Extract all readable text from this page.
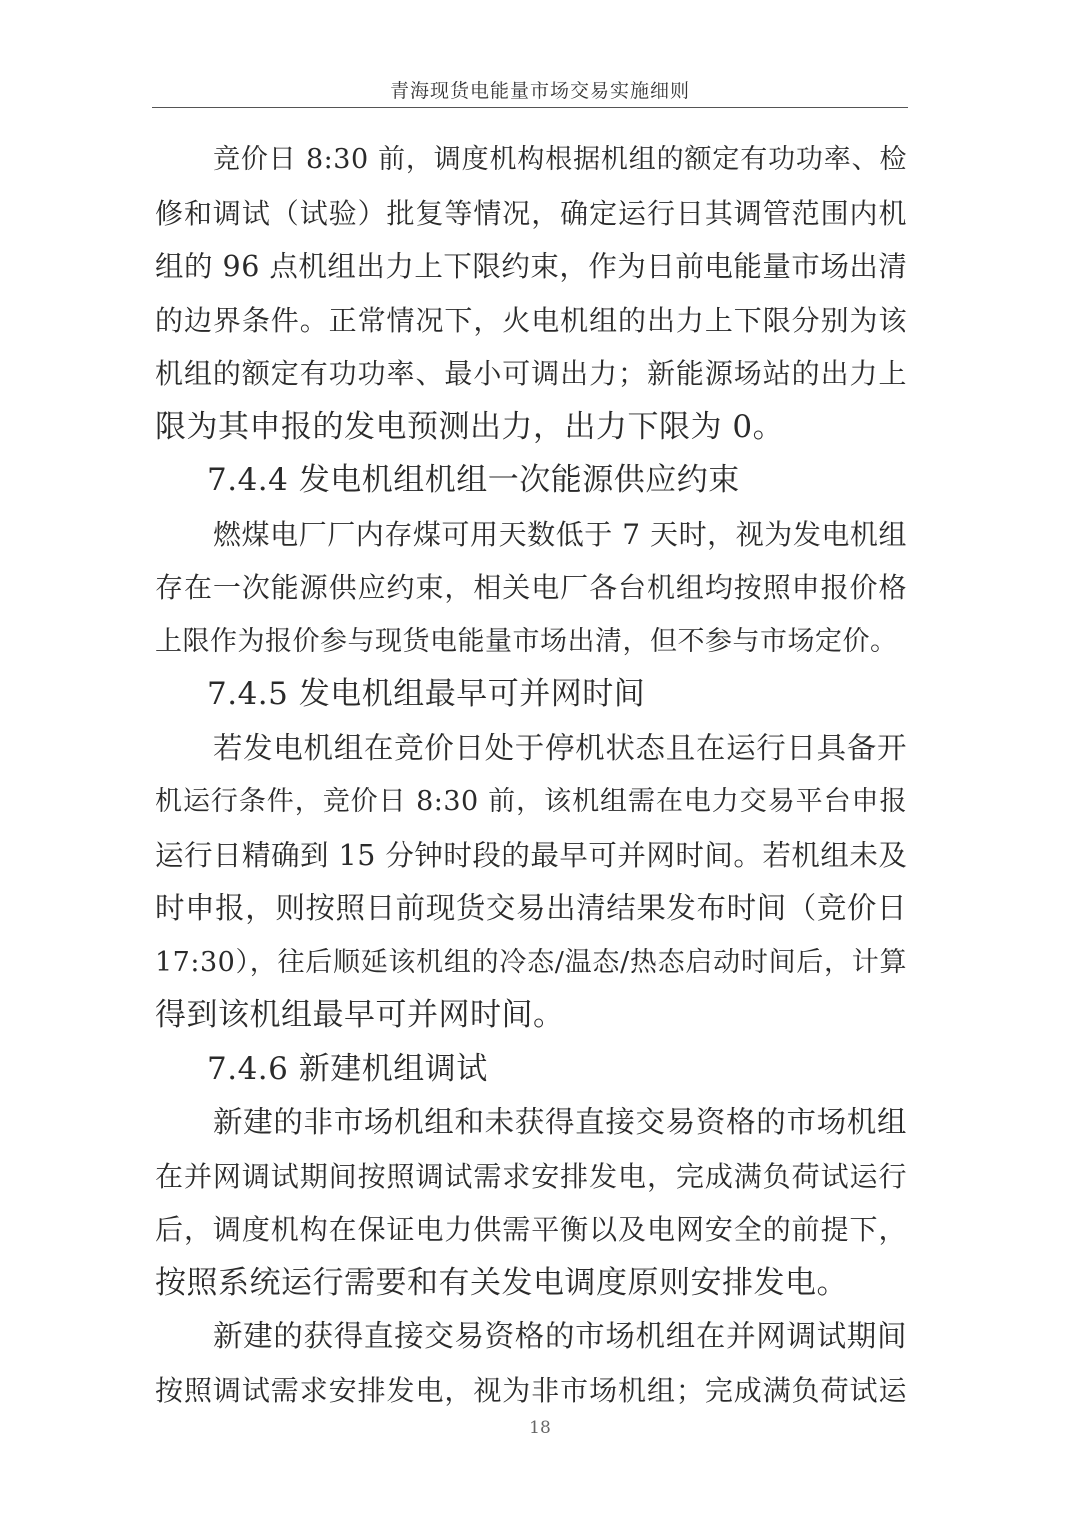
青海现货电能量市场交易实施细则
竞价日 8:30 前，调度机构根据机组的额定有功功率、检
修和调试（试验）批复等情况，确定运行日其调管范围内机
组的 96 点机组出力上下限约束，作为日前电能量市场出清
的边界条件。正常情况下，火电机组的出力上下限分别为该
机组的额定有功功率、最小可调出力；新能源场站的出力上
限为其申报的发电预测出力，出力下限为 0。
7.4.4 发电机组机组一次能源供应约束
燃煤电厂厂内存煤可用天数低于 7 天时，视为发电机组
存在一次能源供应约束，相关电厂各台机组均按照申报价格
上限作为报价参与现货电能量市场出清，但不参与市场定价。
7.4.5 发电机组最早可并网时间
若发电机组在竞价日处于停机状态且在运行日具备开
机运行条件，竞价日 8:30 前，该机组需在电力交易平台申报
运行日精确到 15 分钟时段的最早可并网时间。若机组未及
时申报，则按照日前现货交易出清结果发布时间（竞价日
17:30），往后顺延该机组的冷态/温态/热态启动时间后，计算
得到该机组最早可并网时间。
7.4.6 新建机组调试
新建的非市场机组和未获得直接交易资格的市场机组
在并网调试期间按照调试需求安排发电，完成满负荷试运行
后，调度机构在保证电力供需平衡以及电网安全的前提下，
按照系统运行需要和有关发电调度原则安排发电。
新建的获得直接交易资格的市场机组在并网调试期间
按照调试需求安排发电，视为非市场机组；完成满负荷试运
18
